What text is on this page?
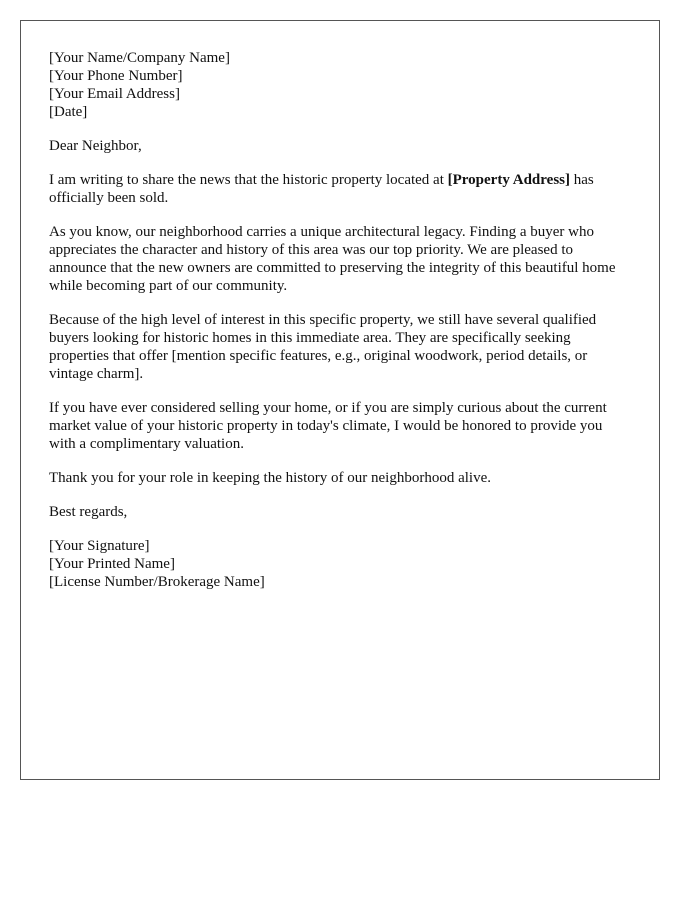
[Your Name/Company Name]
[Your Phone Number]
[Your Email Address]
[Date]

Dear Neighbor,

I am writing to share the news that the historic property located at [Property Address] has officially been sold.

As you know, our neighborhood carries a unique architectural legacy. Finding a buyer who appreciates the character and history of this area was our top priority. We are pleased to announce that the new owners are committed to preserving the integrity of this beautiful home while becoming part of our community.

Because of the high level of interest in this specific property, we still have several qualified buyers looking for historic homes in this immediate area. They are specifically seeking properties that offer [mention specific features, e.g., original woodwork, period details, or vintage charm].

If you have ever considered selling your home, or if you are simply curious about the current market value of your historic property in today's climate, I would be honored to provide you with a complimentary valuation.

Thank you for your role in keeping the history of our neighborhood alive.

Best regards,

[Your Signature]
[Your Printed Name]
[License Number/Brokerage Name]
